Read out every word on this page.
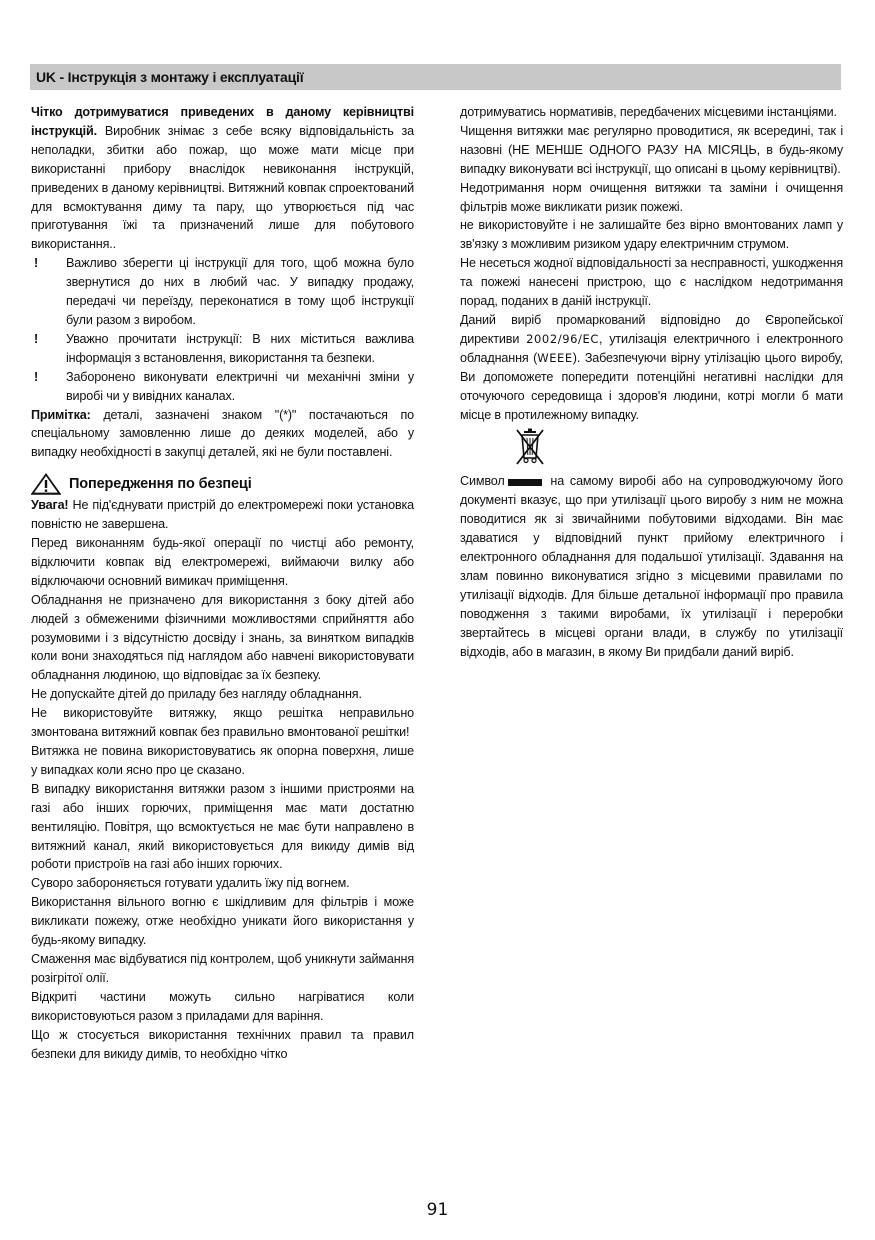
UK - Інструкція з монтажу і експлуатації

Чітко дотримуватися приведених в даному керівництві інструкцій. Виробник знімає з себе всяку відповідальність за неполадки, збитки або пожар, що може мати місце при використанні прибору внаслідок невиконання інструкцій, приведених в даному керівництві. Витяжний ковпак спроектований для всмоктування диму та пару, що утворюється під час приготування їжі та призначений лише для побутового використання..

! Важливо зберегти ці інструкції для того, щоб можна було звернутися до них в любий час. У випадку продажу, передачі чи переїзду, переконатися в тому щоб інструкції були разом з виробом.

! Уважно прочитати інструкції: В них міститься важлива інформація з встановлення, використання та безпеки.

! Заборонено виконувати електричні чи механічні зміни у виробі чи у вивідних каналах.

Примітка: деталі, зазначені знаком "(*)" постачаються по спеціальному замовленню лише до деяких моделей, або у випадку необхідності в закупці деталей, які не були поставлені.

Попередження по безпеці

Увага! Не під'єднувати пристрій до електромережі поки установка повністю не завершена.

Перед виконанням будь-якої операції по чистці або ремонту, відключити ковпак від електромережі, виймаючи вилку або відключаючи основний вимикач приміщення.

Обладнання не призначено для використання з боку дітей або людей з обмеженими фізичними можливостями сприйняття або розумовими і з відсутністю досвіду і знань, за винятком випадків коли вони знаходяться під наглядом або навчені використовувати обладнання людиною, що відповідає за їх безпеку.

Не допускайте дітей до приладу без нагляду обладнання.

Не використовуйте витяжку, якщо решітка неправильно змонтована витяжний ковпак без правильно вмонтованої решітки!

Витяжка не повина використовуватись як опорна поверхня, лише у випадках коли ясно про це сказано.

В випадку використання витяжки разом з іншими пристроями на газі або інших горючих, приміщення має мати достатню вентиляцію. Повітря, що всмоктується не має бути направлено в витяжний канал, який використовується для викиду димів від роботи пристроїв на газі або інших горючих.

Суворо забороняється готувати удалить їжу під вогнем.

Використання вільного вогню є шкідливим для фільтрів і може викликати пожежу, отже необхідно уникати його використання у будь-якому випадку.

Смаження має відбуватися під контролем, щоб уникнути займання розігрітої олії.

Відкриті частини можуть сильно нагріватися коли використовуються разом з приладами для варіння.

Що ж стосується використання технічних правил та правил безпеки для викиду димів, то необхідно чітко

дотримуватись нормативів, передбачених місцевими інстанціями.

Чищення витяжки має регулярно проводитися, як всередині, так і назовні (НЕ МЕНШЕ ОДНОГО РАЗУ НА МІСЯЦЬ, в будь-якому випадку виконувати всі інструкції, що описані в цьому керівництві).

Недотримання норм очищення витяжки та заміни і очищення фільтрів може викликати ризик пожежі.

не використовуйте і не залишайте без вірно вмонтованих ламп у зв'язку з можливим ризиком удару електричним струмом.

Не несеться жодної відповідальності за несправності, ушкодження та пожежі нанесені пристрою, що є наслідком недотримання порад, поданих в даній інструкції.

Даний виріб промаркований відповідно до Європейської директиви 2002/96/EC, утилізація електричного і електронного обладнання (WEEE). Забезпечуючи вірну утілізацію цього виробу, Ви допоможете попередити потенційні негативні наслідки для оточуючого середовища і здоров'я людини, котрі могли б мати місце в протилежному випадку.

Символ	на самому виробі або на супроводжуючому його документі вказує, що при утилізації цього виробу з ним не можна поводитися як зі звичайними побутовими відходами. Він має здаватися у відповідний пункт прийому електричного і електронного обладнання для подальшої утилізації. Здавання на злам повинно виконуватися згідно з місцевими правилами по утилізації відходів. Для більше детальної інформації про правила поводження з такими виробами, їх утилізації і переробки звертайтесь в місцеві органи влади, в службу по утилізації відходів, або в магазин, в якому Ви придбали даний виріб.

91
